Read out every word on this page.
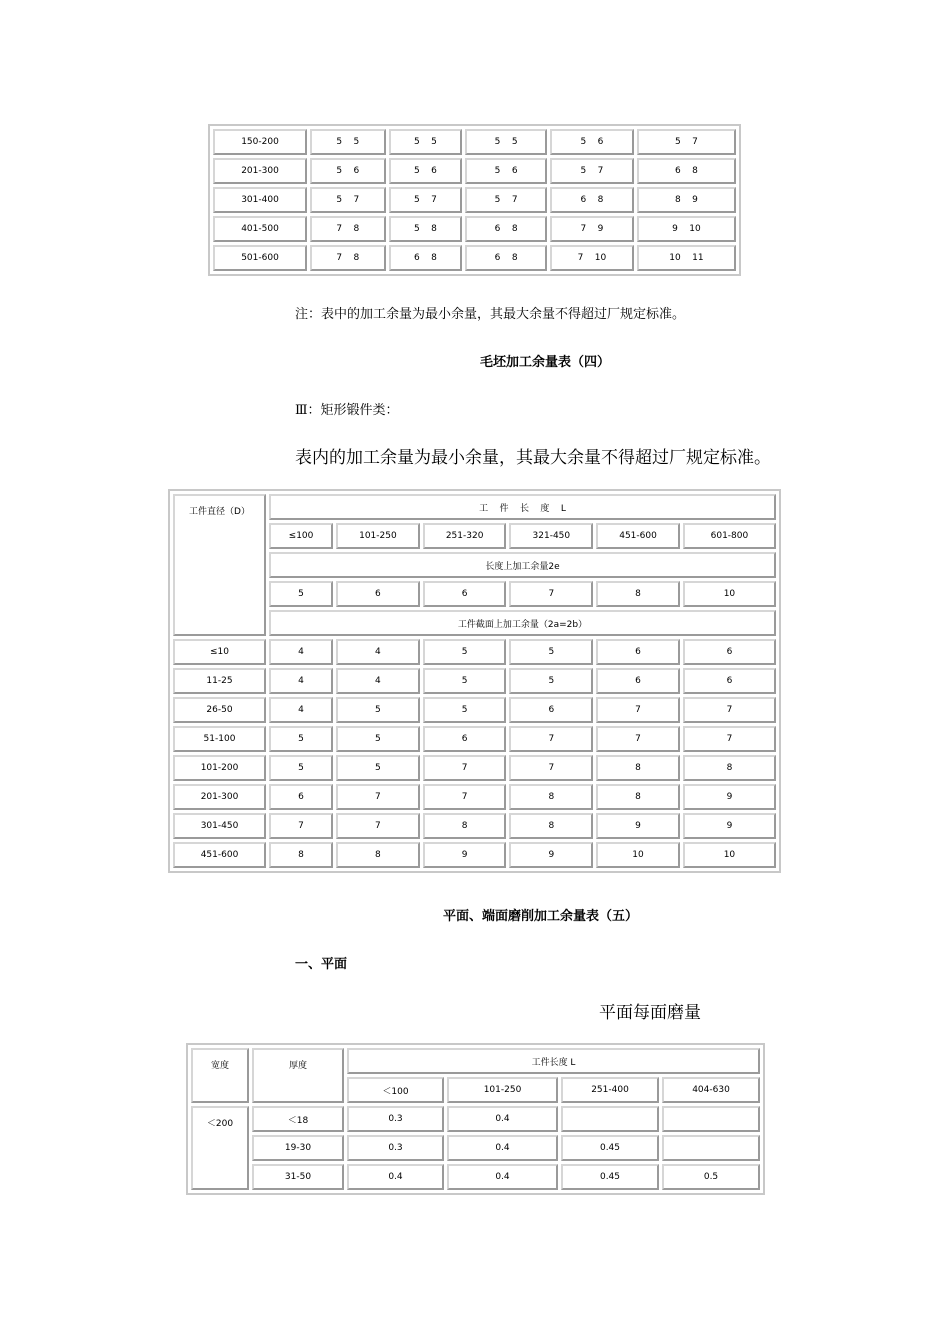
150-200	5    5	5    5	5    5	5    6	5    7
201-300	5    6	5    6	5    6	5    7	6    8
301-400	5    7	5    7	5    7	6    8	8    9
401-500	7    8	5    8	6    8	7    9	9    10
501-600	7    8	6    8	6    8	7    10	10    11
注：表中的加工余量为最小余量，其最大余量不得超过厂规定标准。
毛坯加工余量表（四）
Ⅲ：矩形锻件类：
表内的加工余量为最小余量，其最大余量不得超过厂规定标准。
工件直径（D）	工    件    长    度    L					
	≤100	101-250	251-320	321-450	451-600	601-800
	长度上加工余量2e					
	5	6	6	7	8	10
	工件截面上加工余量（2a=2b）					
≤10	4	4	5	5	6	6
11-25	4	4	5	5	6	6
26-50	4	5	5	6	7	7
51-100	5	5	6	7	7	7
101-200	5	5	7	7	8	8
201-300	6	7	7	8	8	9
301-450	7	7	8	8	9	9
451-600	8	8	9	9	10	10
平面、端面磨削加工余量表（五）
一、平面
平面每面磨量
宽度	厚度	工件长度 L			
		＜100	101-250	251-400	404-630
＜200	＜18	0.3	0.4		
	19-30	0.3	0.4	0.45	
	31-50	0.4	0.4	0.45	0.5
